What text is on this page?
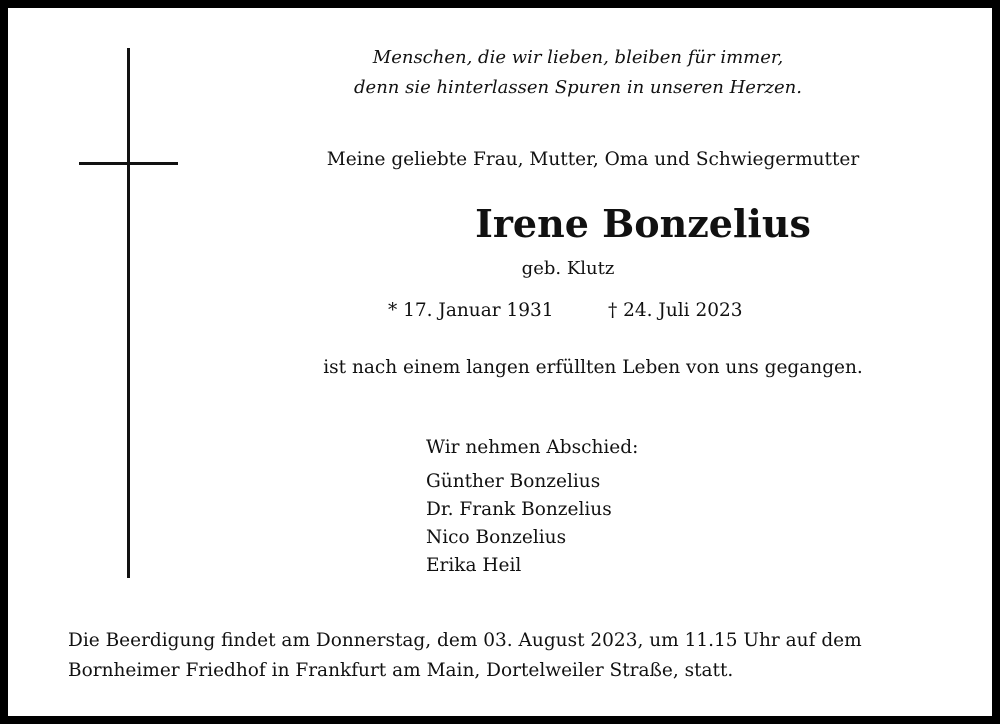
Menschen, die wir lieben, bleiben für immer,

denn sie hinterlassen Spuren in unseren Herzen.

Meine geliebte Frau, Mutter, Oma und Schwiegermutter

Irene Bonzelius

geb. Klutz

* 17. Januar 1931	† 24. Juli 2023

ist nach einem langen erfüllten Leben von uns gegangen.

Wir nehmen Abschied:

Günther Bonzelius
Dr. Frank Bonzelius
Nico Bonzelius
Erika Heil

Die Beerdigung findet am Donnerstag, dem 03. August 2023, um 11.15 Uhr auf dem

Bornheimer Friedhof in Frankfurt am Main, Dortelweiler Straße, statt.
